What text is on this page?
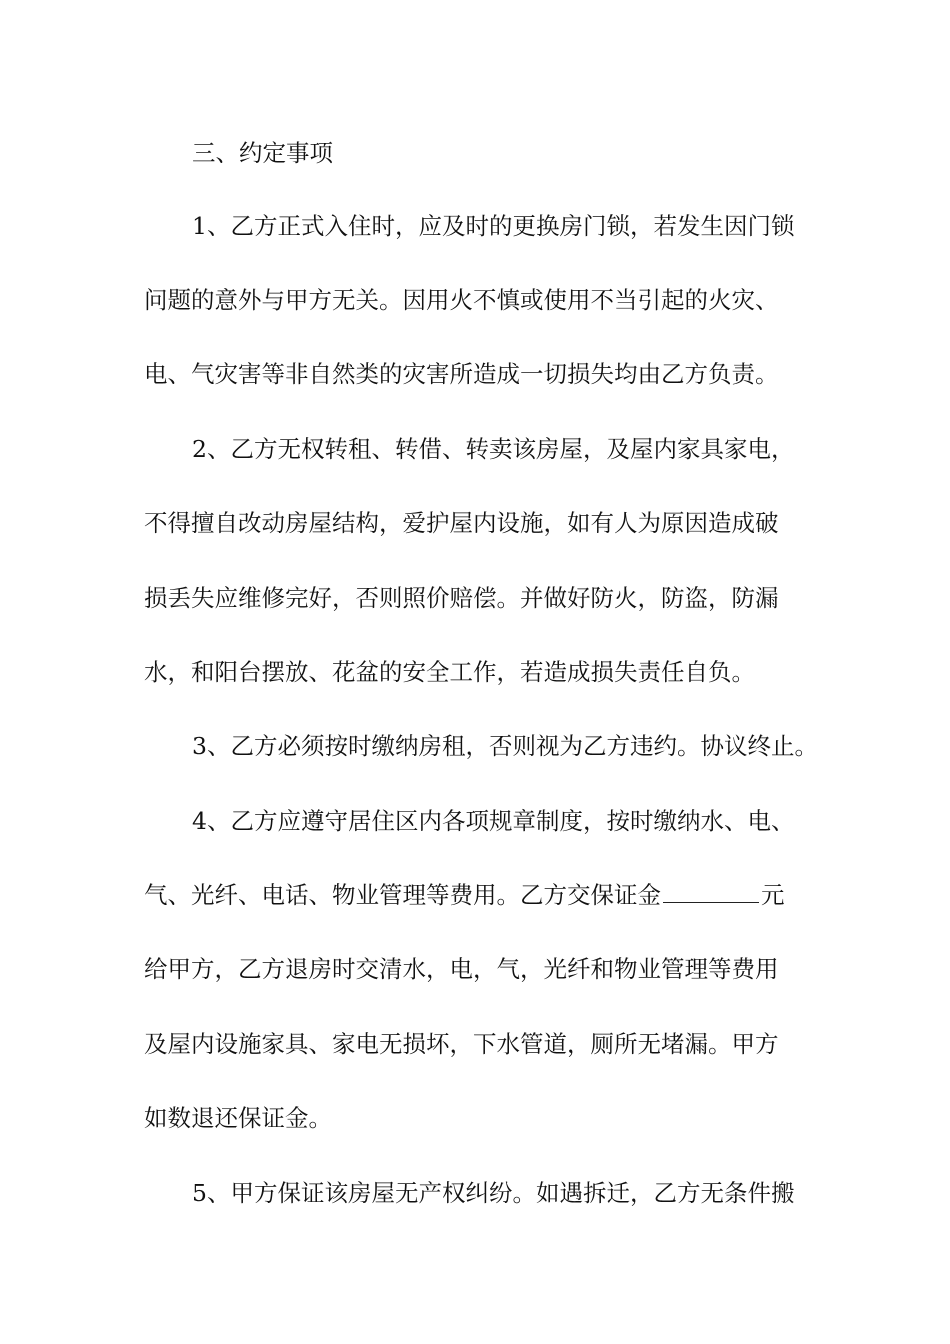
三、约定事项
1、乙方正式入住时，应及时的更换房门锁，若发生因门锁
问题的意外与甲方无关。因用火不慎或使用不当引起的火灾、
电、气灾害等非自然类的灾害所造成一切损失均由乙方负责。
2、乙方无权转租、转借、转卖该房屋，及屋内家具家电，
不得擅自改动房屋结构，爱护屋内设施，如有人为原因造成破
损丢失应维修完好，否则照价赔偿。并做好防火，防盗，防漏
水，和阳台摆放、花盆的安全工作，若造成损失责任自负。
3、乙方必须按时缴纳房租，否则视为乙方违约。协议终止。
4、乙方应遵守居住区内各项规章制度，按时缴纳水、电、
气、光纤、电话、物业管理等费用。乙方交保证金	元
给甲方，乙方退房时交清水，电，气，光纤和物业管理等费用
及屋内设施家具、家电无损坏，下水管道，厕所无堵漏。甲方
如数退还保证金。
5、甲方保证该房屋无产权纠纷。如遇拆迁，乙方无条件搬
